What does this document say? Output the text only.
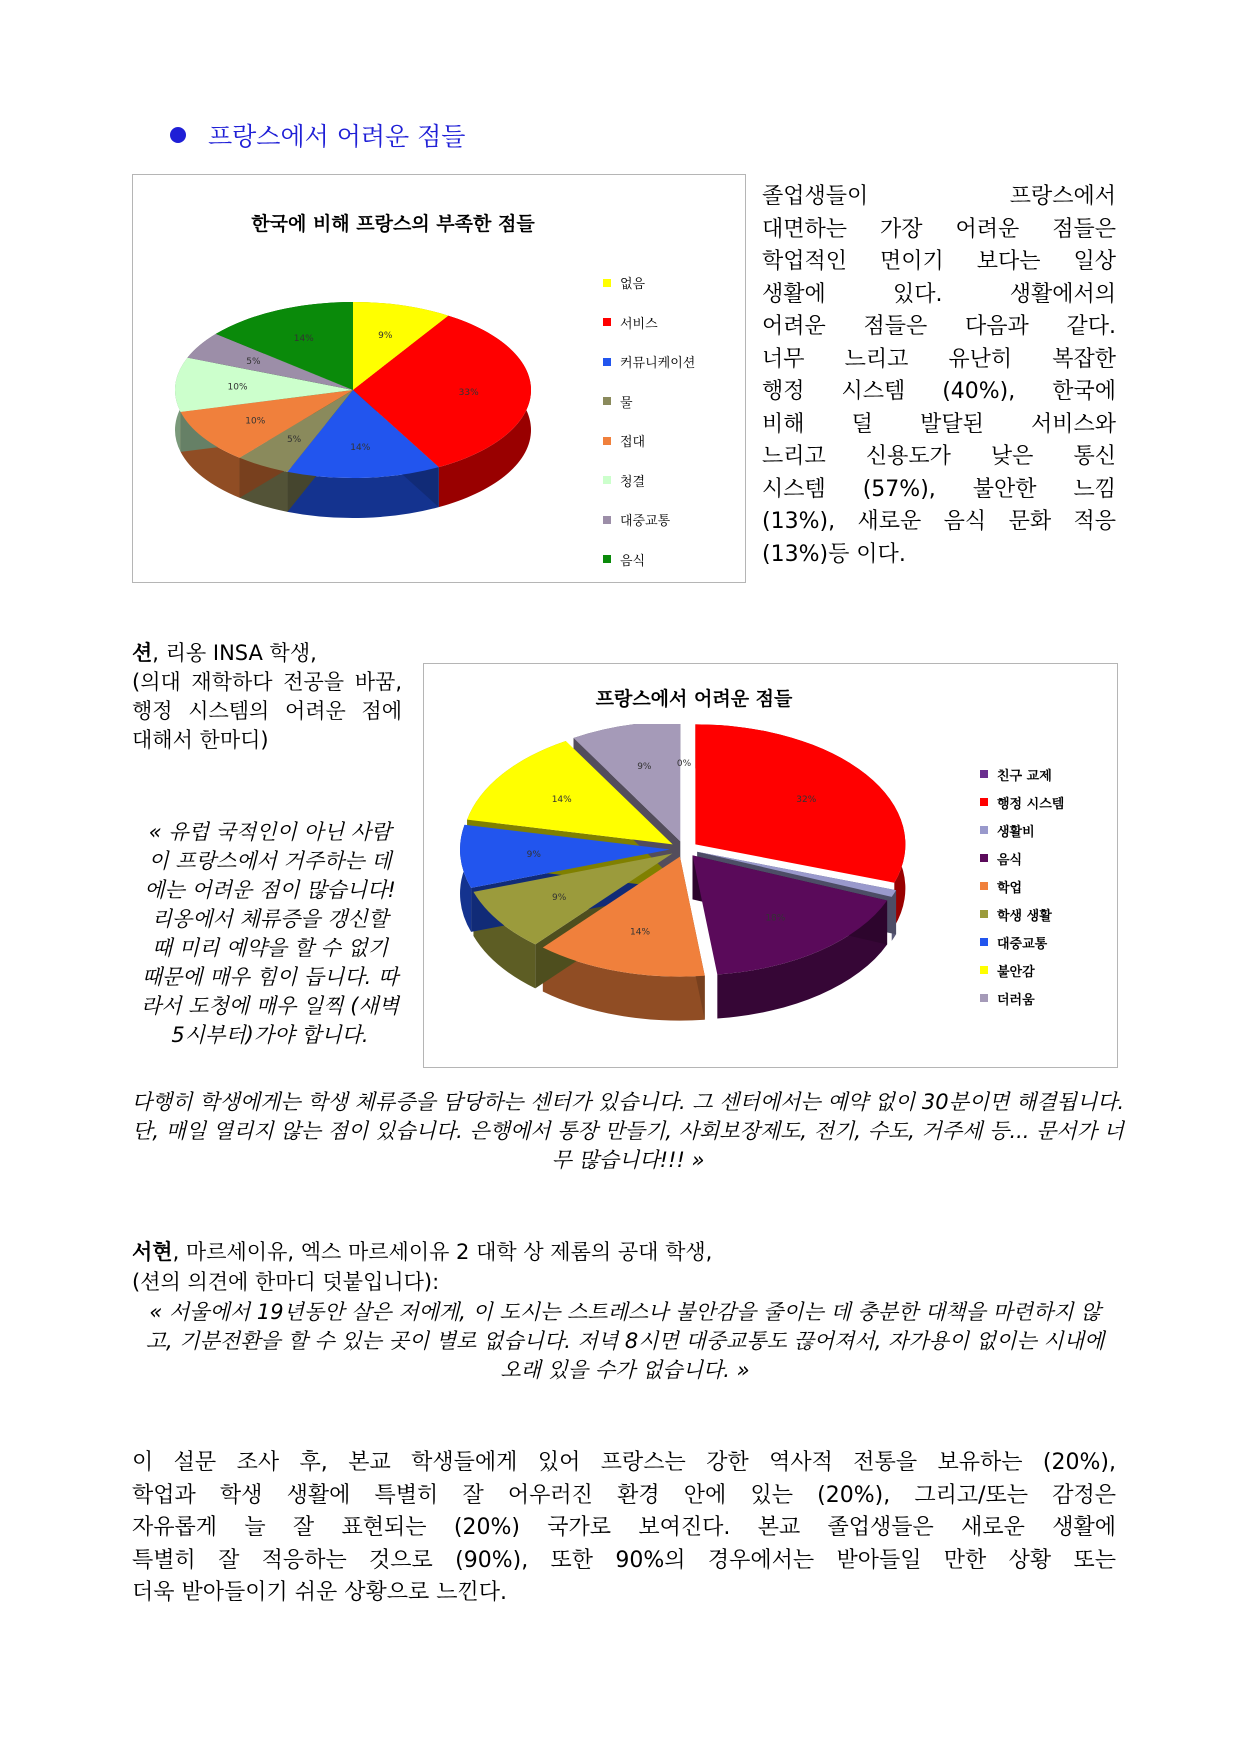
프랑스에서 어려운 점들
한국에 비해 프랑스의 부족한 점들
9%
33%
14%
5%
10%
10%
5%
14%
없음
서비스
커뮤니케이션
물
접대
청결
대중교통
음식
졸업생들이 프랑스에서
대면하는 가장 어려운 점들은
학업적인 면이기 보다는 일상
생활에 있다. 생활에서의
어려운 점들은 다음과 같다.
너무 느리고 유난히 복잡한
행정 시스템 (40%), 한국에
비해 덜 발달된 서비스와
느리고 신용도가 낮은 통신
시스템 (57%), 불안한 느낌
(13%), 새로운 음식 문화 적응
(13%)등 이다.
션, 리옹 INSA 학생,
(의대 재학하다 전공을 바꿈, 행정 시스템의 어려운 점에 대해서 한마디)
« 유럽 국적인이 아닌 사람이 프랑스에서 거주하는 데에는 어려운 점이 많습니다! 리옹에서 체류증을 갱신할 때 미리 예약을 할 수 없기 때문에 매우 힘이 듭니다. 따라서 도청에 매우 일찍 (새벽 5시부터)가야 합니다.
프랑스에서 어려운 점들
0%
32%
18%
14%
9%
9%
14%
9%
친구 교제
행정 시스템
생활비
음식
학업
학생 생활
대중교통
불안감
더러움
다행히 학생에게는 학생 체류증을 담당하는 센터가 있습니다. 그 센터에서는 예약 없이 30분이면 해결됩니다. 단, 매일 열리지 않는 점이 있습니다. 은행에서 통장 만들기, 사회보장제도, 전기, 수도, 거주세 등... 문서가 너무 많습니다!!! »
서현, 마르세이유, 엑스 마르세이유 2 대학 상 제롬의 공대 학생,
(션의 의견에 한마디 덧붙입니다):
« 서울에서 19년동안 살은 저에게, 이 도시는 스트레스나 불안감을 줄이는 데 충분한 대책을 마련하지 않고, 기분전환을 할 수 있는 곳이 별로 없습니다. 저녁 8시면 대중교통도 끊어져서, 자가용이 없이는 시내에 오래 있을 수가 없습니다. »
이 설문 조사 후, 본교 학생들에게 있어 프랑스는 강한 역사적 전통을 보유하는 (20%),
학업과 학생 생활에 특별히 잘 어우러진 환경 안에 있는 (20%), 그리고/또는 감정은
자유롭게 늘 잘 표현되는 (20%) 국가로 보여진다. 본교 졸업생들은 새로운 생활에
특별히 잘 적응하는 것으로 (90%), 또한 90%의 경우에서는 받아들일 만한 상황 또는
더욱 받아들이기 쉬운 상황으로 느낀다.
